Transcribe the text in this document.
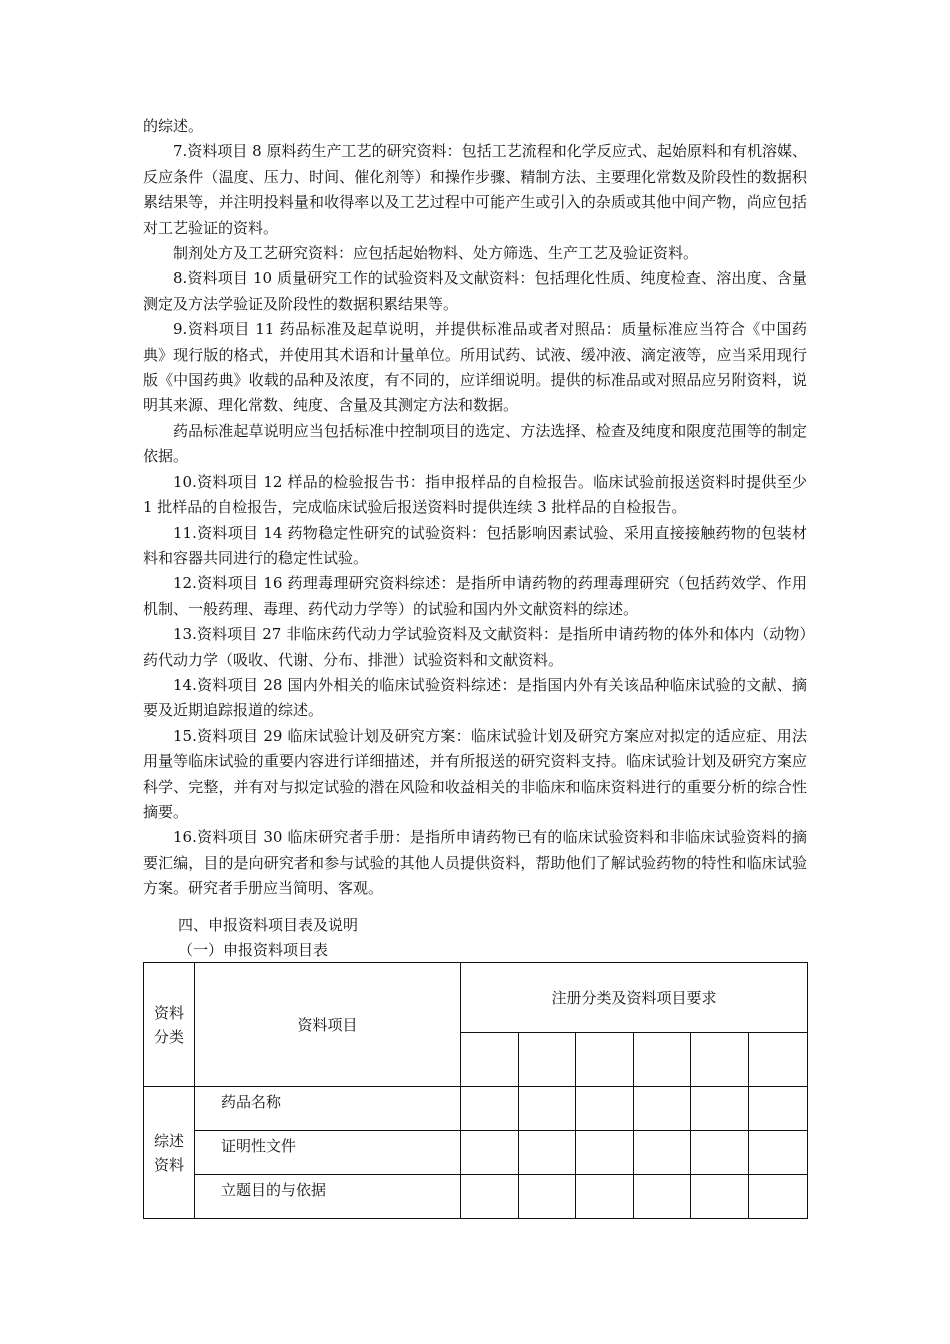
的综述。

7.资料项目 8 原料药生产工艺的研究资料：包括工艺流程和化学反应式、起始原料和有机溶媒、反应条件（温度、压力、时间、催化剂等）和操作步骤、精制方法、主要理化常数及阶段性的数据积累结果等，并注明投料量和收得率以及工艺过程中可能产生或引入的杂质或其他中间产物，尚应包括对工艺验证的资料。

制剂处方及工艺研究资料：应包括起始物料、处方筛选、生产工艺及验证资料。

8.资料项目 10 质量研究工作的试验资料及文献资料：包括理化性质、纯度检查、溶出度、含量测定及方法学验证及阶段性的数据积累结果等。

9.资料项目 11 药品标准及起草说明，并提供标准品或者对照品：质量标准应当符合《中国药典》现行版的格式，并使用其术语和计量单位。所用试药、试液、缓冲液、滴定液等，应当采用现行版《中国药典》收载的品种及浓度，有不同的，应详细说明。提供的标准品或对照品应另附资料，说明其来源、理化常数、纯度、含量及其测定方法和数据。

药品标准起草说明应当包括标准中控制项目的选定、方法选择、检查及纯度和限度范围等的制定依据。

10.资料项目 12 样品的检验报告书：指申报样品的自检报告。临床试验前报送资料时提供至少 1 批样品的自检报告，完成临床试验后报送资料时提供连续 3 批样品的自检报告。

11.资料项目 14 药物稳定性研究的试验资料：包括影响因素试验、采用直接接触药物的包装材料和容器共同进行的稳定性试验。

12.资料项目 16 药理毒理研究资料综述：是指所申请药物的药理毒理研究（包括药效学、作用机制、一般药理、毒理、药代动力学等）的试验和国内外文献资料的综述。

13.资料项目 27 非临床药代动力学试验资料及文献资料：是指所申请药物的体外和体内（动物）药代动力学（吸收、代谢、分布、排泄）试验资料和文献资料。

14.资料项目 28 国内外相关的临床试验资料综述：是指国内外有关该品种临床试验的文献、摘要及近期追踪报道的综述。

15.资料项目 29 临床试验计划及研究方案：临床试验计划及研究方案应对拟定的适应症、用法用量等临床试验的重要内容进行详细描述，并有所报送的研究资料支持。临床试验计划及研究方案应科学、完整，并有对与拟定试验的潜在风险和收益相关的非临床和临床资料进行的重要分析的综合性摘要。

16.资料项目 30 临床研究者手册：是指所申请药物已有的临床试验资料和非临床试验资料的摘要汇编，目的是向研究者和参与试验的其他人员提供资料，帮助他们了解试验药物的特性和临床试验方案。研究者手册应当简明、客观。

四、申报资料项目表及说明
（一）申报资料项目表
资料分类	资料项目	注册分类及资料项目要求					

综述资料	药品名称						
	证明性文件						
	立题目的与依据						
